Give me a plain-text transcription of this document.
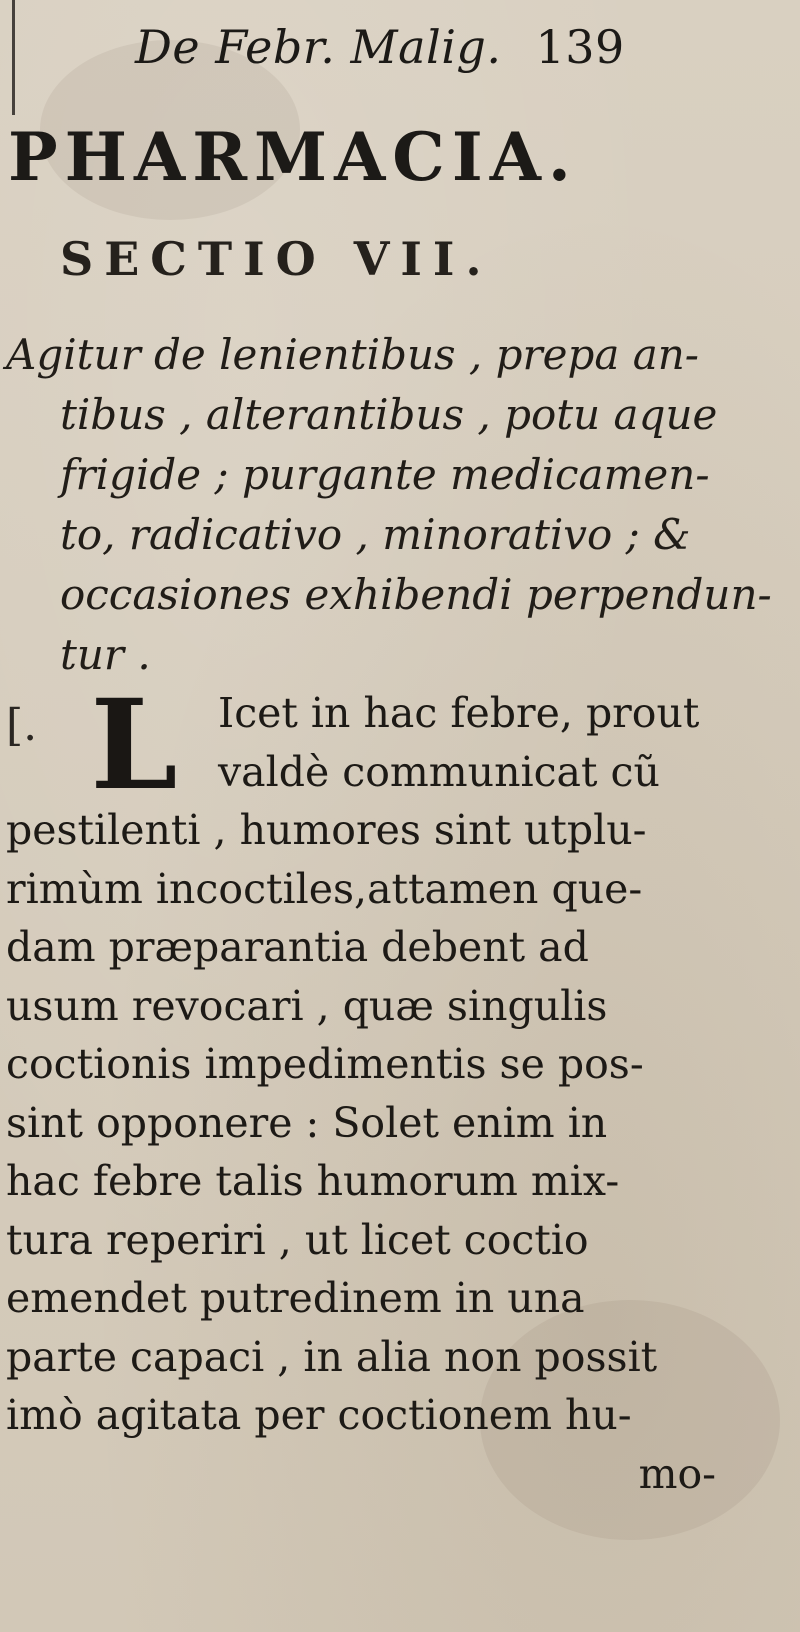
De Febr. Malig. 139
PHARMACIA.
SECTIO VII.
Agitur de lenientibus , prepa an-
tibus , alterantibus , potu aque
frigide ; purgante medicamen-
to, radicativo , minorativo ; &
occasiones exhibendi perpendun-
tur .
[. L Icet in hac febre, prout
valdè communicat cũ
pestilenti , humores sint utplu-
rimùm incoctiles,attamen que-
dam præparantia debent ad
usum revocari , quæ singulis
coctionis impedimentis se pos-
sint opponere : Solet enim in
hac febre talis humorum mix-
tura reperiri , ut licet coctio
emendet putredinem in una
parte capaci , in alia non possit
imò agitata per coctionem hu-
mo-
